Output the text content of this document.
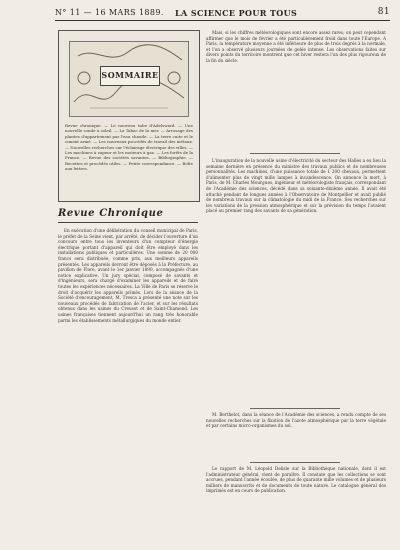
N° 11 — 16 MARS 1889. LA SCIENCE POUR TOUS	81
SOMMAIRE
Revue chronique. — Le nouveau tube d'Adelsward. — Une nouvelle sonde à soleil. — La Tabac de la mer. — Arrosage des plantes d'appartement par l'eau chaude. — La terre cuite et le ciment armé. — Les nouveaux procédés de travail des métaux. — Nouvelles recherches sur l'éclairage électrique des villes. — Les machines à vapeur et les moteurs à gaz. — Les forêts de la France. — Revue des sociétés savantes. — Bibliographie. — Recettes et procédés utiles. — Petite correspondance. — Boîte aux lettres.
Revue Chronique

En exécution d'une délibération du conseil municipal de Paris, le préfet de la Seine vient, par arrêté, de décider l'ouverture d'un concours entre tous les inventeurs d'un compteur d'énergie électrique portant d'appareil qui doit être employé dans les installations publiques et particulières. Une somme de 20 000 francs sera distribuée, comme prix, aux meilleurs appareils présentés. Les appareils devront être déposés à la Préfecture, au pavillon de Flore, avant le 1er janvier 1890, accompagnés d'une notice explicative. Un jury spécial, composé de savants et d'ingénieurs, sera chargé d'examiner les appareils et de faire toutes les expériences nécessaires. La Ville de Paris se réserve le droit d'acquérir les appareils primés. Lors de la séance de la Société d'encouragement, M. Tresca a présenté une note sur les nouveaux procédés de fabrication de l'acier, et sur les résultats obtenus dans les usines du Creusot et de Saint-Chamond. Les usines françaises tiennent aujourd'hui un rang très honorable parmi les établissements métallurgiques du monde entier.

Mais, si les chiffres météorologiques sont encore assez rares, on peut cependant affirmer que le mois de février a été particulièrement froid dans toute l'Europe. A Paris, la température moyenne a été inférieure de plus de trois degrés à la normale, et l'on a observé plusieurs journées de gelée intense. Les observations faites sur divers points du territoire montrent que cet hiver restera l'un des plus rigoureux de la fin du siècle.

L'inauguration de la nouvelle usine d'électricité du secteur des Halles a eu lieu la semaine dernière en présence du ministre des travaux publics et de nombreuses personnalités. Les machines, d'une puissance totale de 1 200 chevaux, permettent d'alimenter plus de vingt mille lampes à incandescence. On annonce la mort, à Paris, de M. Charles Mourgues, ingénieur et météorologiste français, correspondant de l'Académie des sciences, décédé dans sa soixante-dixième année. Il avait été attaché pendant de longues années à l'Observatoire de Montpellier et avait publié de nombreux travaux sur la climatologie du midi de la France. Ses recherches sur les variations de la pression atmosphérique et sur la prévision du temps l'avaient placé au premier rang des savants de sa génération.

M. Berthelot, dans la séance de l'Académie des sciences, a rendu compte de ses nouvelles recherches sur la fixation de l'azote atmosphérique par la terre végétale et par certains micro-organismes du sol.

Le rapport de M. Léopold Delisle sur la Bibliothèque nationale, dont il est l'administrateur général, vient de paraître. Il constate que les collections se sont accrues, pendant l'année écoulée, de plus de quarante mille volumes et de plusieurs milliers de manuscrits et de documents de toute nature. Le catalogue général des imprimés est en cours de publication.
